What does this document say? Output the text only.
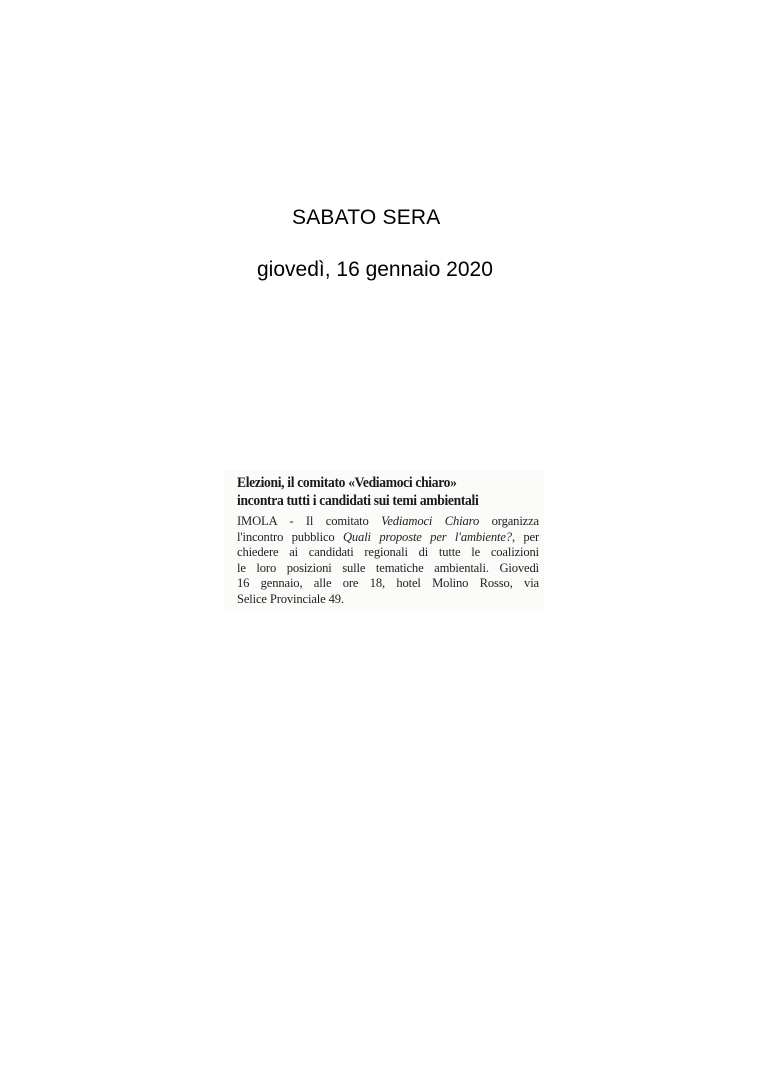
SABATO SERA
giovedì, 16 gennaio 2020
Elezioni, il comitato «Vediamoci chiaro»
incontra tutti i candidati sui temi ambientali
IMOLA - Il comitato Vediamoci Chiaro organizza
l'incontro pubblico Quali proposte per l'ambiente?, per
chiedere ai candidati regionali di tutte le coalizioni
le loro posizioni sulle tematiche ambientali. Giovedì
16 gennaio, alle ore 18, hotel Molino Rosso, via
Selice Provinciale 49.
